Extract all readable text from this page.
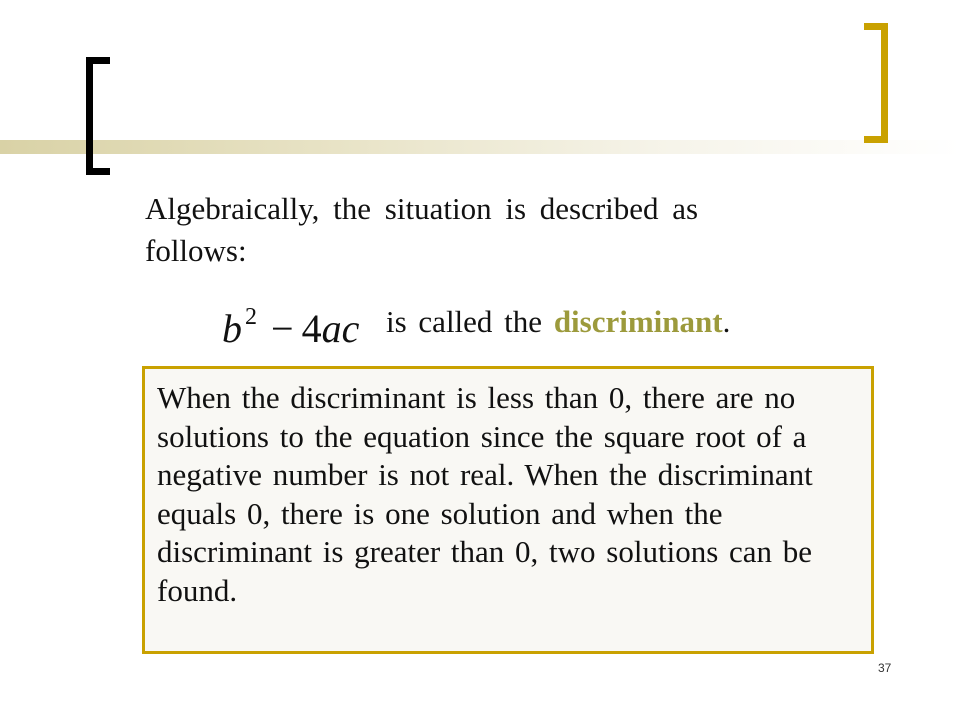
Algebraically, the situation is described as follows:
b $^2$ − 4ac is called the discriminant.
When the discriminant is less than 0, there are no solutions to the equation since the square root of a negative number is not real. When the discriminant equals 0, there is one solution and when the discriminant is greater than 0, two solutions can be found.
37
